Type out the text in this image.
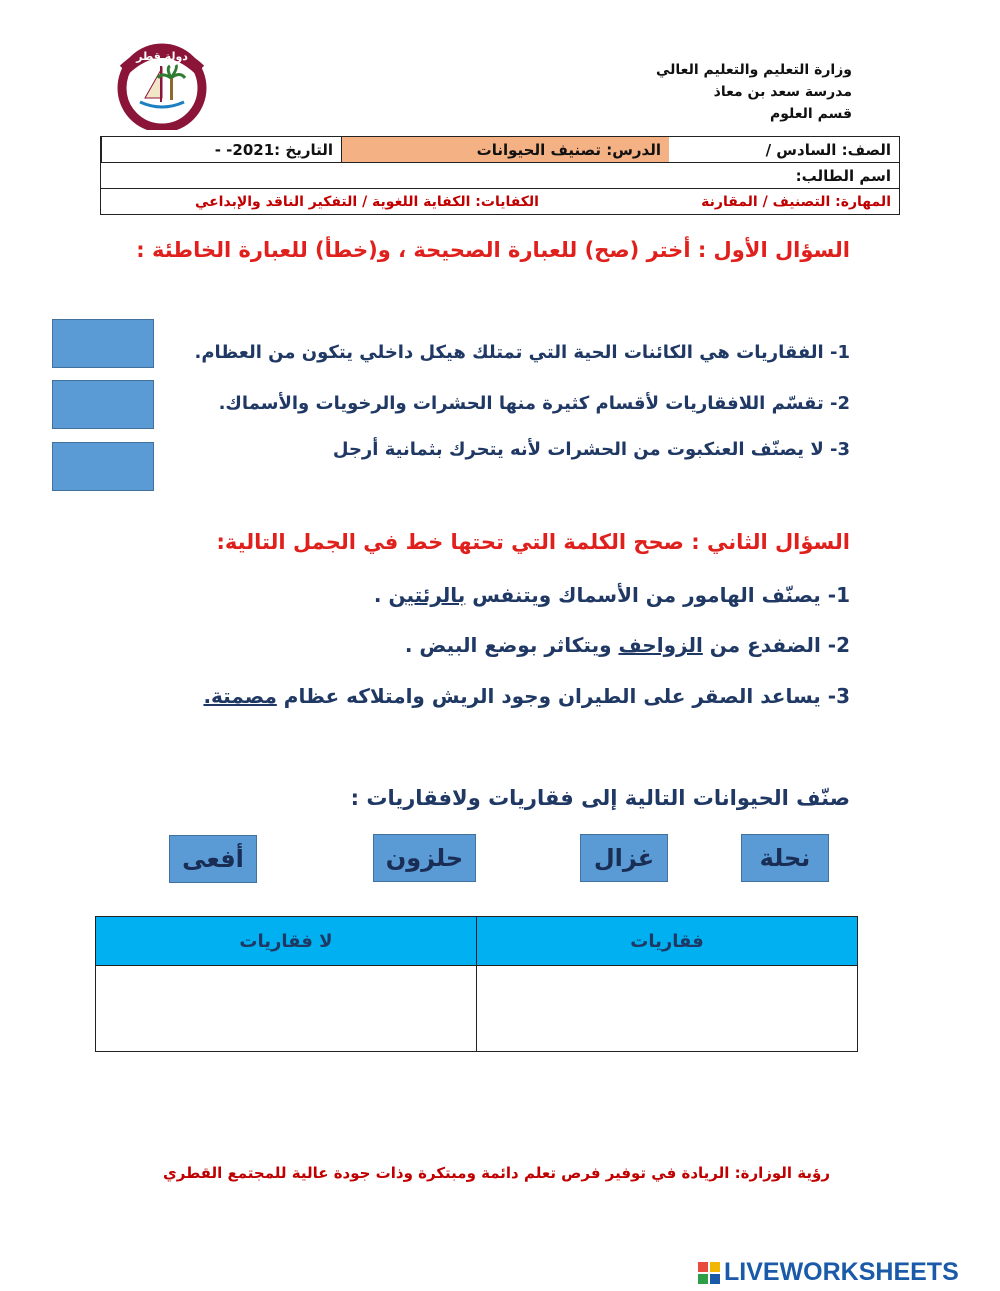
دولة قطر
وزارة التعليم والتعليم العالي
مدرسة سعد بن معاذ
قسم العلوم
الصف: السادس /
الدرس: تصنيف الحيوانات
التاريخ :2021- -
اسم الطالب:
المهارة: التصنيف / المقارنة
الكفايات: الكفاية اللغوية / التفكير الناقد والإبداعي
السؤال الأول : أختر (صح) للعبارة الصحيحة ، و(خطأ) للعبارة الخاطئة :
1- الفقاريات هي الكائنات الحية التي تمتلك هيكل داخلي يتكون من العظام.
2- تقسّم اللافقاريات لأقسام كثيرة منها الحشرات والرخويات والأسماك.
3- لا يصنّف العنكبوت من الحشرات لأنه يتحرك بثمانية أرجل
السؤال الثاني : صحح الكلمة التي تحتها خط في الجمل التالية:
1- يصنّف الهامور من الأسماك ويتنفس بالرئتين .
2- الضفدع من الزواحف ويتكاثر بوضع البيض .
3- يساعد الصقر على الطيران وجود الريش وامتلاكه عظام مصمتة.
صنّف الحيوانات التالية إلى فقاريات ولافقاريات :
نحلة
غزال
حلزون
أفعى
فقاريات
لا فقاريات
رؤية الوزارة: الريادة في توفير فرص تعلم دائمة ومبتكرة وذات جودة عالية للمجتمع القطري
LIVEWORKSHEETS
